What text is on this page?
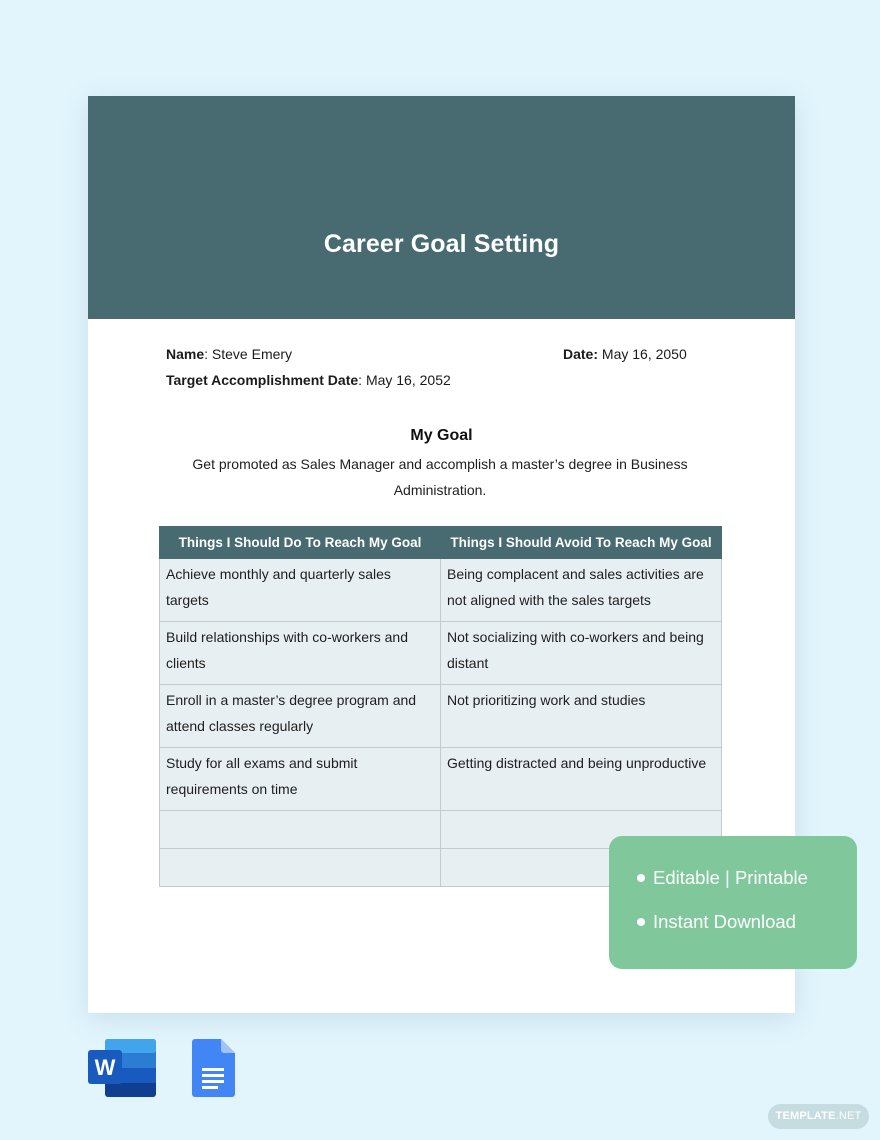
Career Goal Setting
Name: Steve Emery	Date: May 16, 2050
Target Accomplishment Date: May 16, 2052
My Goal
Get promoted as Sales Manager and accomplish a master’s degree in Business Administration.
Things I Should Do To Reach My Goal	Things I Should Avoid To Reach My Goal
Achieve monthly and quarterly sales targets	Being complacent and sales activities are not aligned with the sales targets
Build relationships with co-workers and clients	Not socializing with co-workers and being distant
Enroll in a master’s degree program and attend classes regularly	Not prioritizing work and studies
Study for all exams and submit requirements on time	Getting distracted and being unproductive

Editable | Printable
Instant Download
W
TEMPLATE.NET
